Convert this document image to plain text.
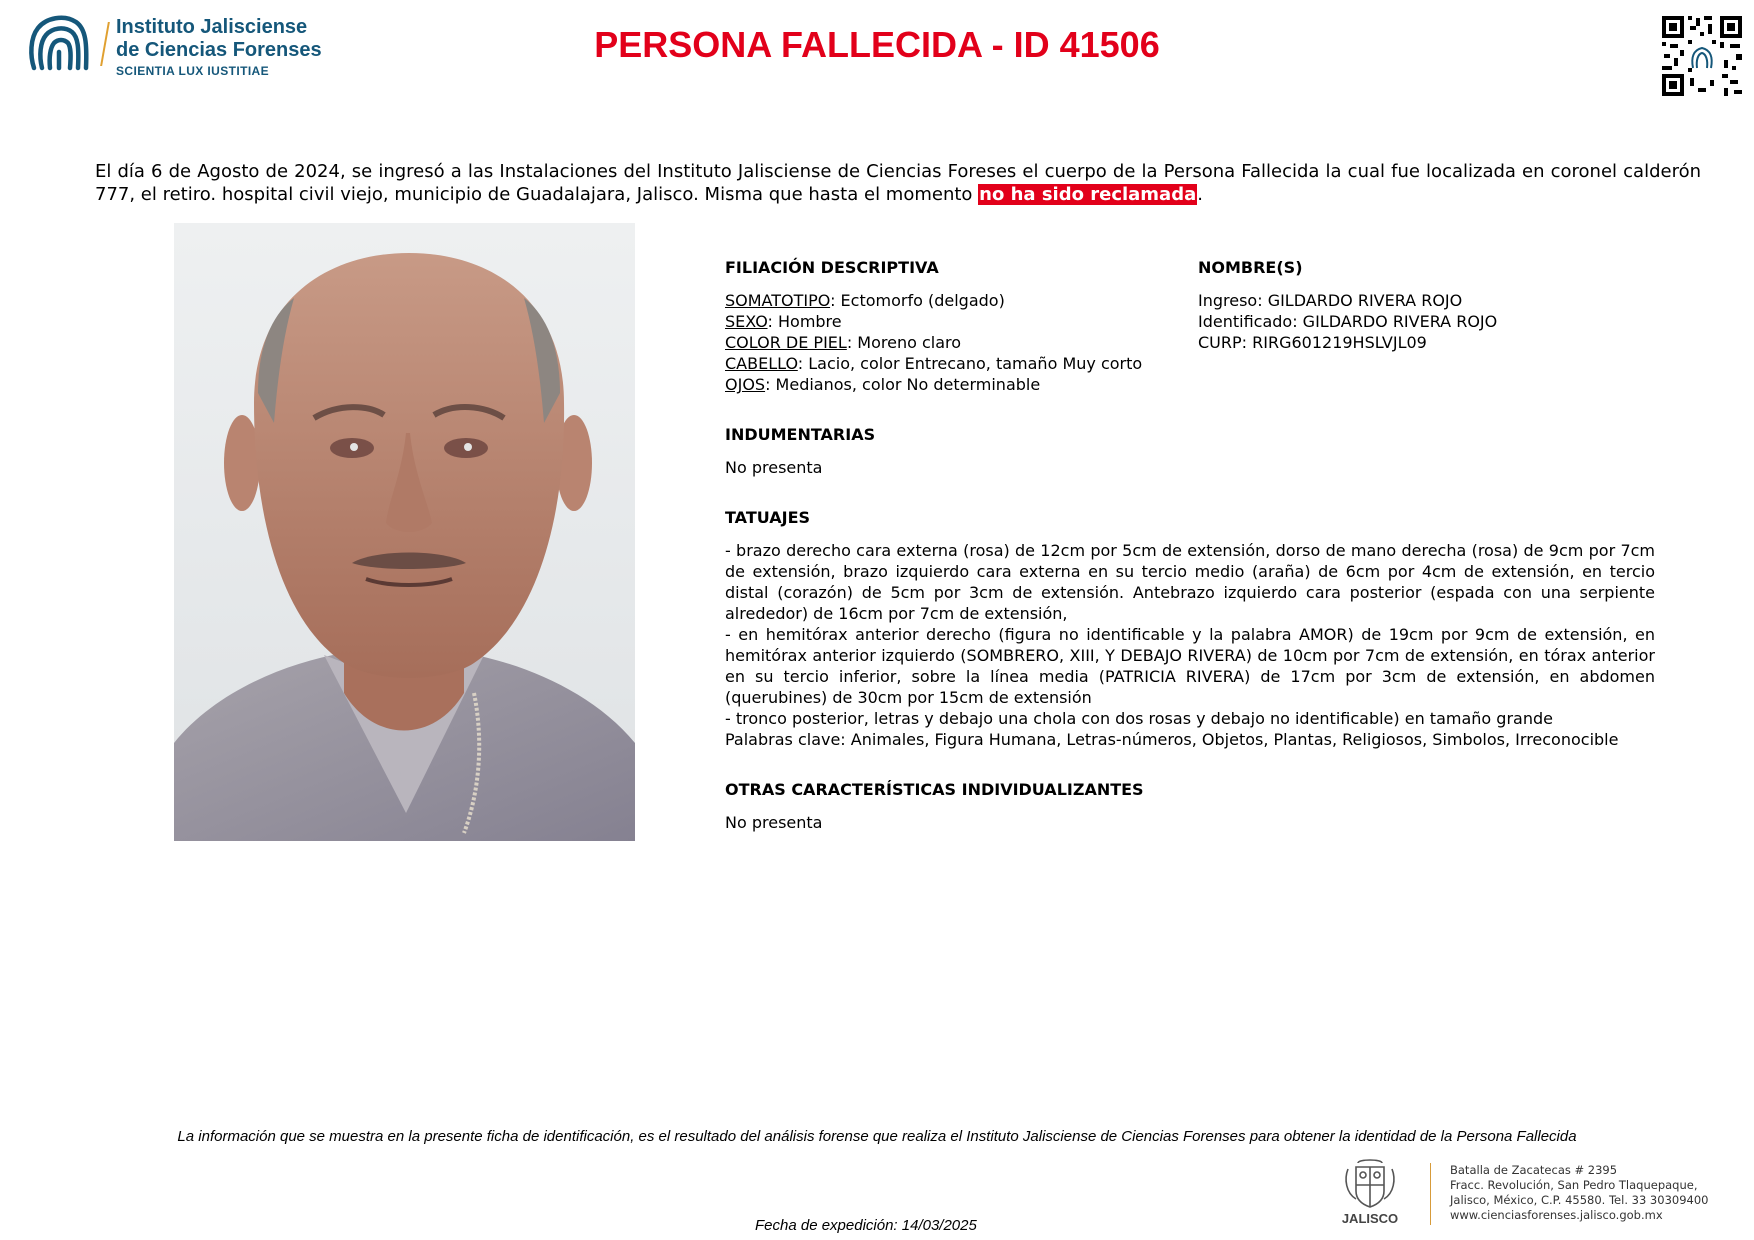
Instituto Jalisciense
de Ciencias Forenses
SCIENTIA LUX IUSTITIAE
PERSONA FALLECIDA - ID 41506

El día 6 de Agosto de 2024, se ingresó a las Instalaciones del Instituto Jalisciense de Ciencias Foreses el cuerpo de la Persona Fallecida la cual fue localizada en coronel calderón 777, el retiro. hospital civil viejo, municipio de Guadalajara, Jalisco. Misma que hasta el momento no ha sido reclamada.

FILIACIÓN DESCRIPTIVA
SOMATOTIPO: Ectomorfo (delgado)
SEXO: Hombre
COLOR DE PIEL: Moreno claro
CABELLO: Lacio, color Entrecano, tamaño Muy corto
OJOS: Medianos, color No determinable
INDUMENTARIAS
No presenta
TATUAJES
- brazo derecho cara externa (rosa) de 12cm por 5cm de extensión, dorso de mano derecha (rosa) de 9cm por 7cm de extensión, brazo izquierdo cara externa en su tercio medio (araña) de 6cm por 4cm de extensión, en tercio distal (corazón) de 5cm por 3cm de extensión. Antebrazo izquierdo cara posterior (espada con una serpiente alrededor) de 16cm por 7cm de extensión,
- en hemitórax anterior derecho (figura no identificable y la palabra AMOR) de 19cm por 9cm de extensión, en hemitórax anterior izquierdo (SOMBRERO, XIII, Y DEBAJO RIVERA) de 10cm por 7cm de extensión, en tórax anterior en su tercio inferior, sobre la línea media (PATRICIA RIVERA) de 17cm por 3cm de extensión, en abdomen (querubines) de 30cm por 15cm de extensión
- tronco posterior, letras y debajo una chola con dos rosas y debajo no identificable) en tamaño grande
Palabras clave: Animales, Figura Humana, Letras-números, Objetos, Plantas, Religiosos, Simbolos, Irreconocible
OTRAS CARACTERÍSTICAS INDIVIDUALIZANTES
No presenta
NOMBRE(S)
Ingreso: GILDARDO RIVERA ROJO
Identificado: GILDARDO RIVERA ROJO
CURP: RIRG601219HSLVJL09
La información que se muestra en la presente ficha de identificación, es el resultado del análisis forense que realiza el Instituto Jalisciense de Ciencias Forenses para obtener la identidad de la Persona Fallecida
Fecha de expedición: 14/03/2025	JALISCO
Batalla de Zacatecas # 2395
Fracc. Revolución, San Pedro Tlaquepaque,
Jalisco, México, C.P. 45580. Tel. 33 30309400
www.cienciasforenses.jalisco.gob.mx
